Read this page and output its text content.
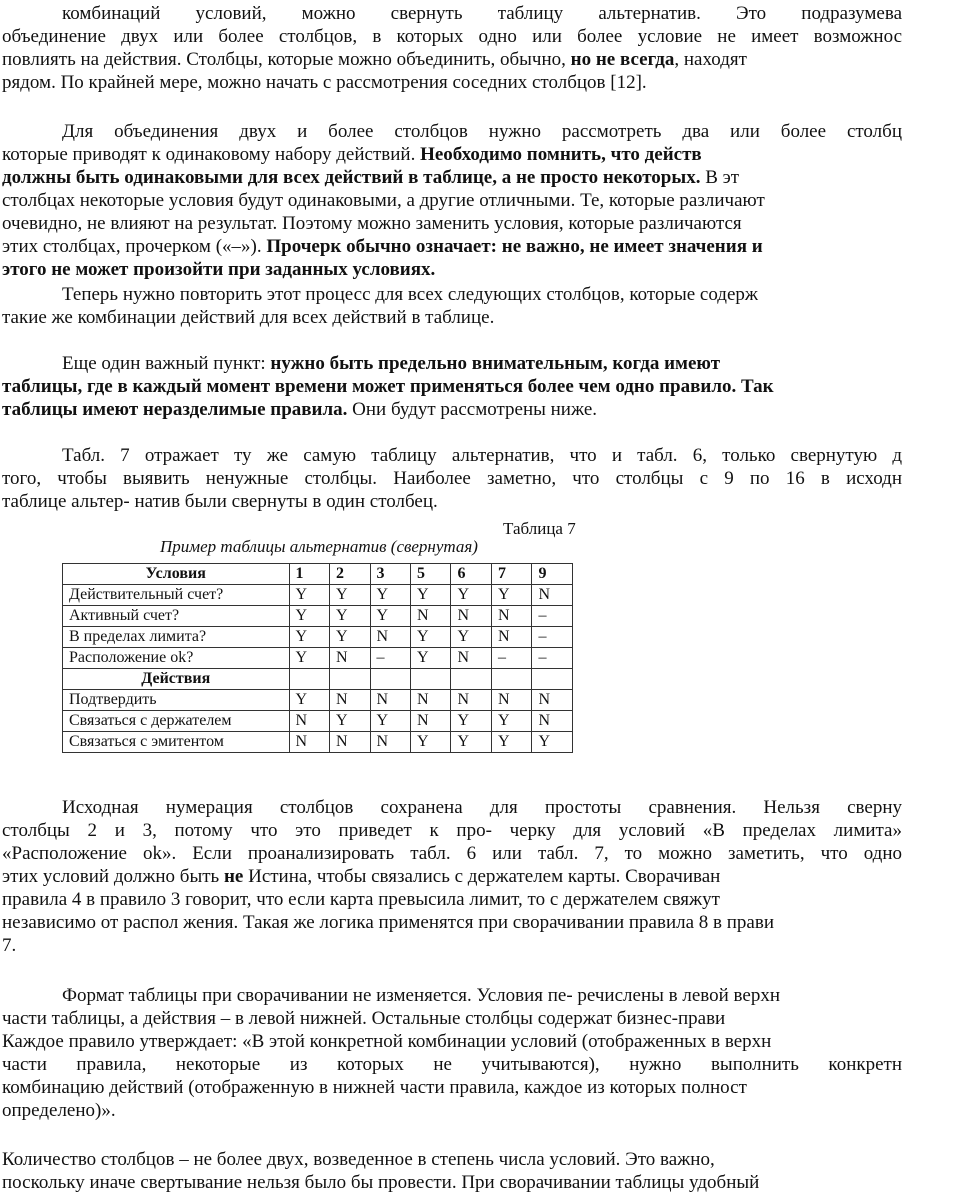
комбинаций условий, можно свернуть таблицу альтернатив. Это подразумева
объединение двух или более столбцов, в которых одно или более условие не имеет возможнос
повлиять на действия. Столбцы, которые можно объединить, обычно, но не всегда, находят
рядом. По крайней мере, можно начать с рассмотрения соседних столбцов [12].
Для объединения двух и более столбцов нужно рассмотреть два или более столбц
которые приводят к одинаковому набору действий. Необходимо помнить, что действ
должны быть одинаковыми для всех действий в таблице, а не просто некоторых. В эт
столбцах некоторые условия будут одинаковыми, а другие отличными. Те, которые различают
очевидно, не влияют на результат. Поэтому можно заменить условия, которые различаются
этих столбцах, прочерком («–»). Прочерк обычно означает: не важно, не имеет значения и
этого не может произойти при заданных условиях.
Теперь нужно повторить этот процесс для всех следующих столбцов, которые содерж
такие же комбинации действий для всех действий в таблице.
Еще один важный пункт: нужно быть предельно внимательным, когда имеют
таблицы, где в каждый момент времени может применяться более чем одно правило. Так
таблицы имеют неразделимые правила. Они будут рассмотрены ниже.
Табл. 7 отражает ту же самую таблицу альтернатив, что и табл. 6, только свернутую д
того, чтобы выявить ненужные столбцы. Наиболее заметно, что столбцы с 9 по 16 в исходн
таблице альтер- натив были свернуты в один столбец.
Таблица 7
Пример таблицы альтернатив (свернутая)
Условия	1	2	3	5	6	7	9
Действительный счет?	Y	Y	Y	Y	Y	Y	N
Активный счет?	Y	Y	Y	N	N	N	–
В пределах лимита?	Y	Y	N	Y	Y	N	–
Расположение ok?	Y	N	–	Y	N	–	–
Действия							
Подтвердить	Y	N	N	N	N	N	N
Связаться с держателем	N	Y	Y	N	Y	Y	N
Связаться с эмитентом	N	N	N	Y	Y	Y	Y
Исходная нумерация столбцов сохранена для простоты сравнения. Нельзя сверну
столбцы 2 и 3, потому что это приведет к про- черку для условий «В пределах лимита»
«Расположение ok». Если проанализировать табл. 6 или табл. 7, то можно заметить, что одно
этих условий должно быть не Истина, чтобы связались с держателем карты. Сворачиван
правила 4 в правило 3 говорит, что если карта превысила лимит, то с держателем свяжут
независимо от распол жения. Такая же логика применятся при сворачивании правила 8 в прави
7.
Формат таблицы при сворачивании не изменяется. Условия пе- речислены в левой верхн
части таблицы, а действия – в левой нижней. Остальные столбцы содержат бизнес-прави
Каждое правило утверждает: «В этой конкретной комбинации условий (отображенных в верхн
части правила, некоторые из которых не учитываются), нужно выполнить конкретн
комбинацию действий (отображенную в нижней части правила, каждое из которых полност
определено)».
Количество столбцов – не более двух, возведенное в степень числа условий. Это важно,
поскольку иначе свертывание нельзя было бы провести. При сворачивании таблицы удобный
